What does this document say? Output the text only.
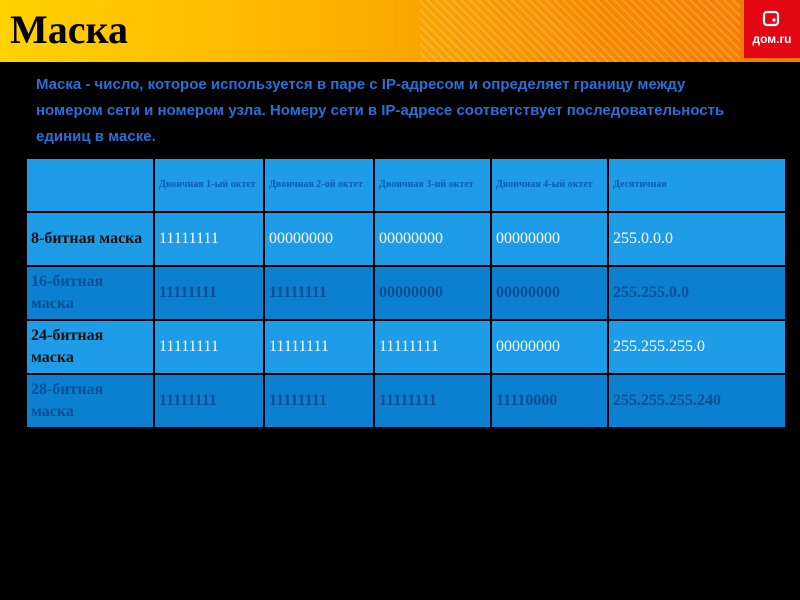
Маска	дом.ru
Маска - число, которое используется в паре с IP-адресом и определяет границу между номером сети и номером узла. Номеру сети в IP-адресе соответствует последовательность единиц в маске.
	Двоичная 1-ый октет	Двоичная 2-ой октет	Двоичная 3-ий октет	Двоичная 4-ый октет	Десятичная
8-битная маска	11111111	00000000	00000000	00000000	255.0.0.0
16-битная маска	11111111	11111111	00000000	00000000	255.255.0.0
24-битная маска	11111111	11111111	11111111	00000000	255.255.255.0
28-битная маска	11111111	11111111	11111111	11110000	255.255.255.240
